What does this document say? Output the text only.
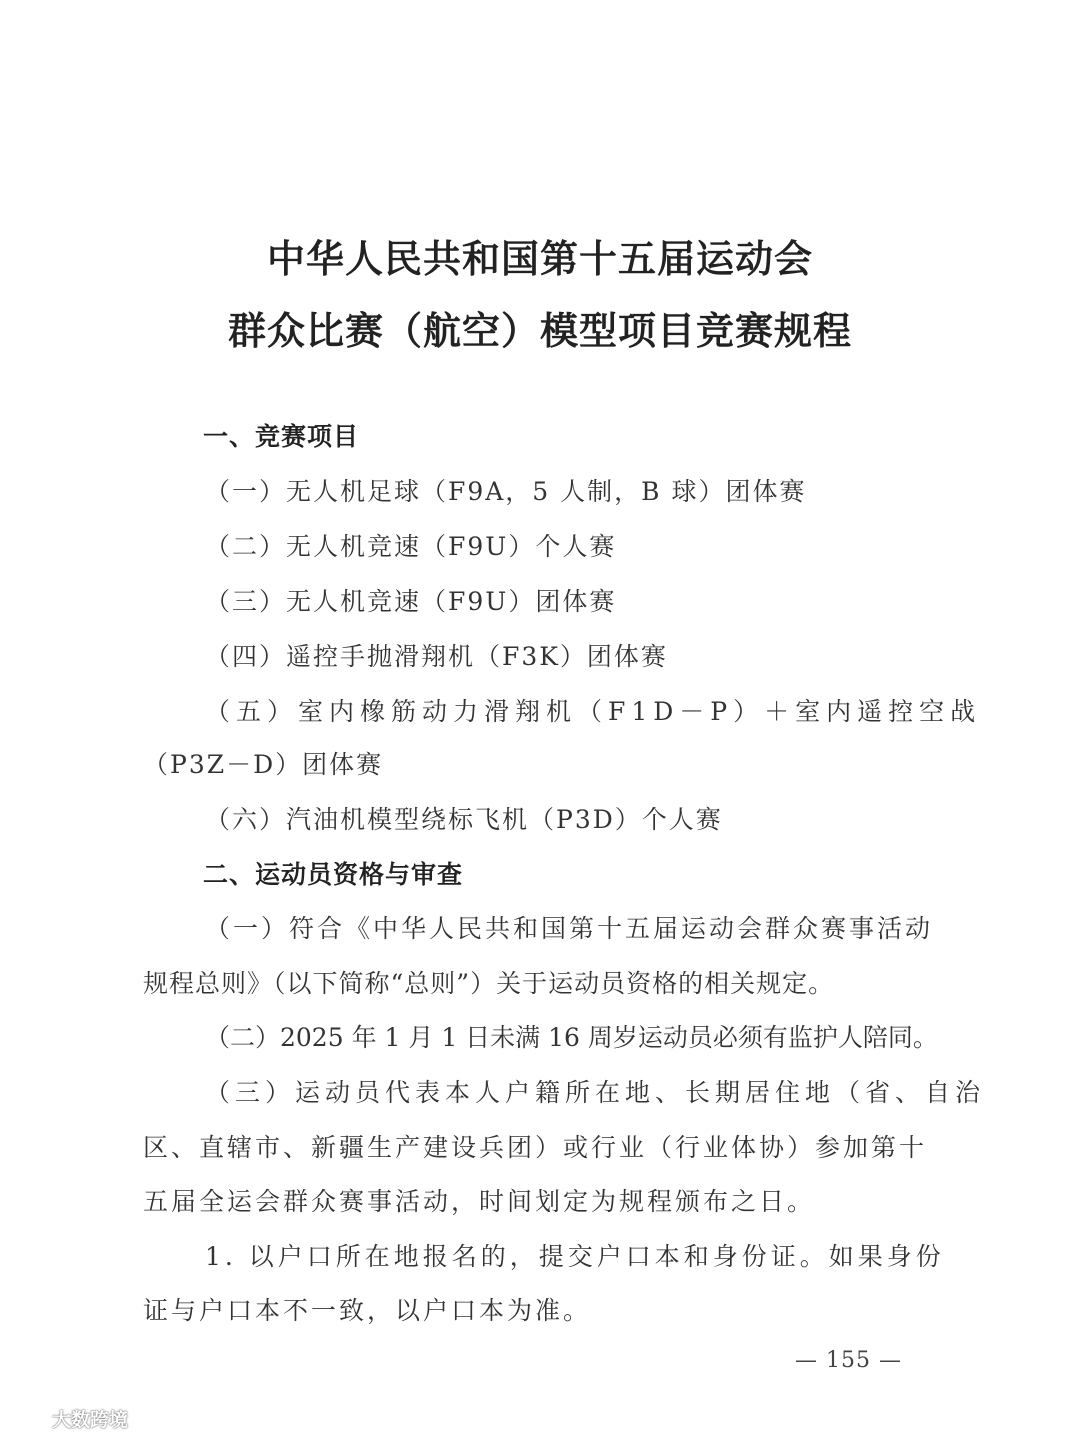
中华人民共和国第十五届运动会
群众比赛（航空）模型项目竞赛规程
一、竞赛项目
（一）无人机足球（F9A，5 人制，B 球）团体赛
（二）无人机竞速（F9U）个人赛
（三）无人机竞速（F9U）团体赛
（四）遥控手抛滑翔机（F3K）团体赛
（五）室内橡筋动力滑翔机（F1D－P）＋室内遥控空战
（P3Z－D）团体赛
（六）汽油机模型绕标飞机（P3D）个人赛
二、运动员资格与审查
（一）符合《中华人民共和国第十五届运动会群众赛事活动
规程总则》（以下简称“总则”）关于运动员资格的相关规定。
（二）2025 年 1 月 1 日未满 16 周岁运动员必须有监护人陪同。
（三）运动员代表本人户籍所在地、长期居住地（省、自治
区、直辖市、新疆生产建设兵团）或行业（行业体协）参加第十
五届全运会群众赛事活动，时间划定为规程颁布之日。
1. 以户口所在地报名的，提交户口本和身份证。如果身份
证与户口本不一致，以户口本为准。
— 155 —
大数跨境
